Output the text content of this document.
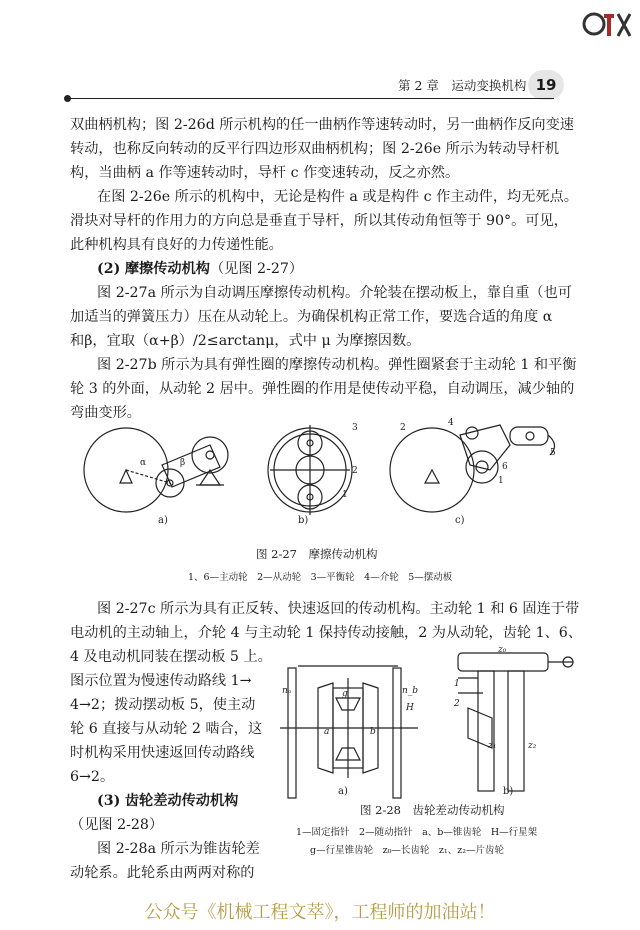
第 2 章　运动变换机构 19
双曲柄机构；图 2-26d 所示机构的任一曲柄作等速转动时，另一曲柄作反向变速
转动，也称反向转动的反平行四边形双曲柄机构；图 2-26e 所示为转动导杆机
构，当曲柄 a 作等速转动时，导杆 c 作变速转动，反之亦然。
在图 2-26e 所示的机构中，无论是构件 a 或是构件 c 作主动件，均无死点。
滑块对导杆的作用力的方向总是垂直于导杆，所以其传动角恒等于 90°。可见，
此种机构具有良好的力传递性能。
(2) 摩擦传动机构（见图 2-27）
图 2-27a 所示为自动调压摩擦传动机构。介轮装在摆动板上，靠自重（也可
加适当的弹簧压力）压在从动轮上。为确保机构正常工作，要选合适的角度 α
和β，宜取（α+β）/2≤arctanμ，式中 μ 为摩擦因数。
图 2-27b 所示为具有弹性圈的摩擦传动机构。弹性圈紧套于主动轮 1 和平衡
轮 3 的外面，从动轮 2 居中。弹性圈的作用是使传动平稳，自动调压，减少轴的
弯曲变形。
α	β
3
2
1
2	4
5
6
1
a)	b)	c)
图 2-27　摩擦传动机构
1、6—主动轮　2—从动轮　3—平衡轮　4—介轮　5—摆动板
图 2-27c 所示为具有正反转、快速返回的传动机构。主动轮 1 和 6 固连于带
电动机的主动轴上，介轮 4 与主动轮 1 保持传动接触，2 为从动轮，齿轮 1、6、
4 及电动机同装在摆动板 5 上。
图示位置为慢速传动路线 1→
4→2；拨动摆动板 5，使主动
轮 6 直接与从动轮 2 啮合，这
时机构采用快速返回传动路线
6→2。
(3) 齿轮差动传动机构
（见图 2-28）
图 2-28a 所示为锥齿轮差
动轮系。此轮系由两两对称的
nₐ	n_b
H
g
a	b
1
2
z₀
z₁	z₂
a)	b)
图 2-28　齿轮差动传动机构
1—固定指针　2—随动指针　a、b—锥齿轮　H—行星架
g—行星锥齿轮　z₀—长齿轮　z₁、z₂—片齿轮
公众号《机械工程文萃》，工程师的加油站！
